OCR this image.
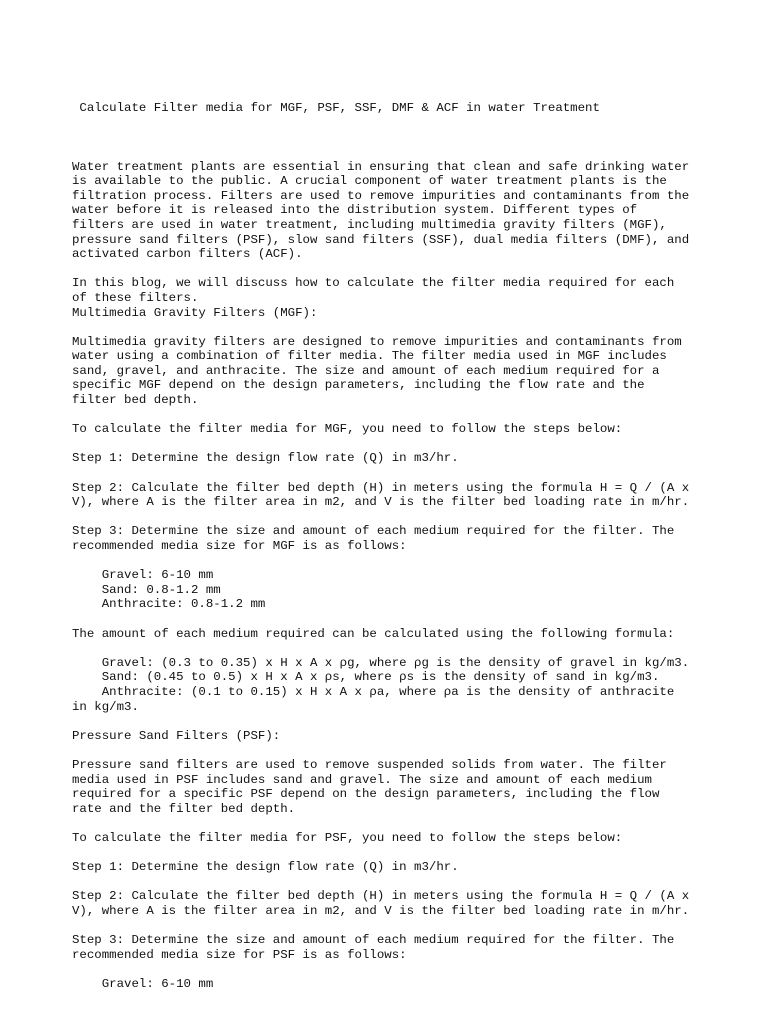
Calculate Filter media for MGF, PSF, SSF, DMF & ACF in water Treatment

Water treatment plants are essential in ensuring that clean and safe drinking water
is available to the public. A crucial component of water treatment plants is the
filtration process. Filters are used to remove impurities and contaminants from the
water before it is released into the distribution system. Different types of
filters are used in water treatment, including multimedia gravity filters (MGF),
pressure sand filters (PSF), slow sand filters (SSF), dual media filters (DMF), and
activated carbon filters (ACF).
In this blog, we will discuss how to calculate the filter media required for each
of these filters.
Multimedia Gravity Filters (MGF):
Multimedia gravity filters are designed to remove impurities and contaminants from
water using a combination of filter media. The filter media used in MGF includes
sand, gravel, and anthracite. The size and amount of each medium required for a
specific MGF depend on the design parameters, including the flow rate and the
filter bed depth.
To calculate the filter media for MGF, you need to follow the steps below:
Step 1: Determine the design flow rate (Q) in m3/hr.
Step 2: Calculate the filter bed depth (H) in meters using the formula H = Q / (A x
V), where A is the filter area in m2, and V is the filter bed loading rate in m/hr.
Step 3: Determine the size and amount of each medium required for the filter. The
recommended media size for MGF is as follows:
Gravel: 6-10 mm
Sand: 0.8-1.2 mm
Anthracite: 0.8-1.2 mm
The amount of each medium required can be calculated using the following formula:
Gravel: (0.3 to 0.35) x H x A x ρg, where ρg is the density of gravel in kg/m3.
Sand: (0.45 to 0.5) x H x A x ρs, where ρs is the density of sand in kg/m3.
Anthracite: (0.1 to 0.15) x H x A x ρa, where ρa is the density of anthracite
in kg/m3.
Pressure Sand Filters (PSF):
Pressure sand filters are used to remove suspended solids from water. The filter
media used in PSF includes sand and gravel. The size and amount of each medium
required for a specific PSF depend on the design parameters, including the flow
rate and the filter bed depth.
To calculate the filter media for PSF, you need to follow the steps below:
Step 1: Determine the design flow rate (Q) in m3/hr.
Step 2: Calculate the filter bed depth (H) in meters using the formula H = Q / (A x
V), where A is the filter area in m2, and V is the filter bed loading rate in m/hr.
Step 3: Determine the size and amount of each medium required for the filter. The
recommended media size for PSF is as follows:
Gravel: 6-10 mm
